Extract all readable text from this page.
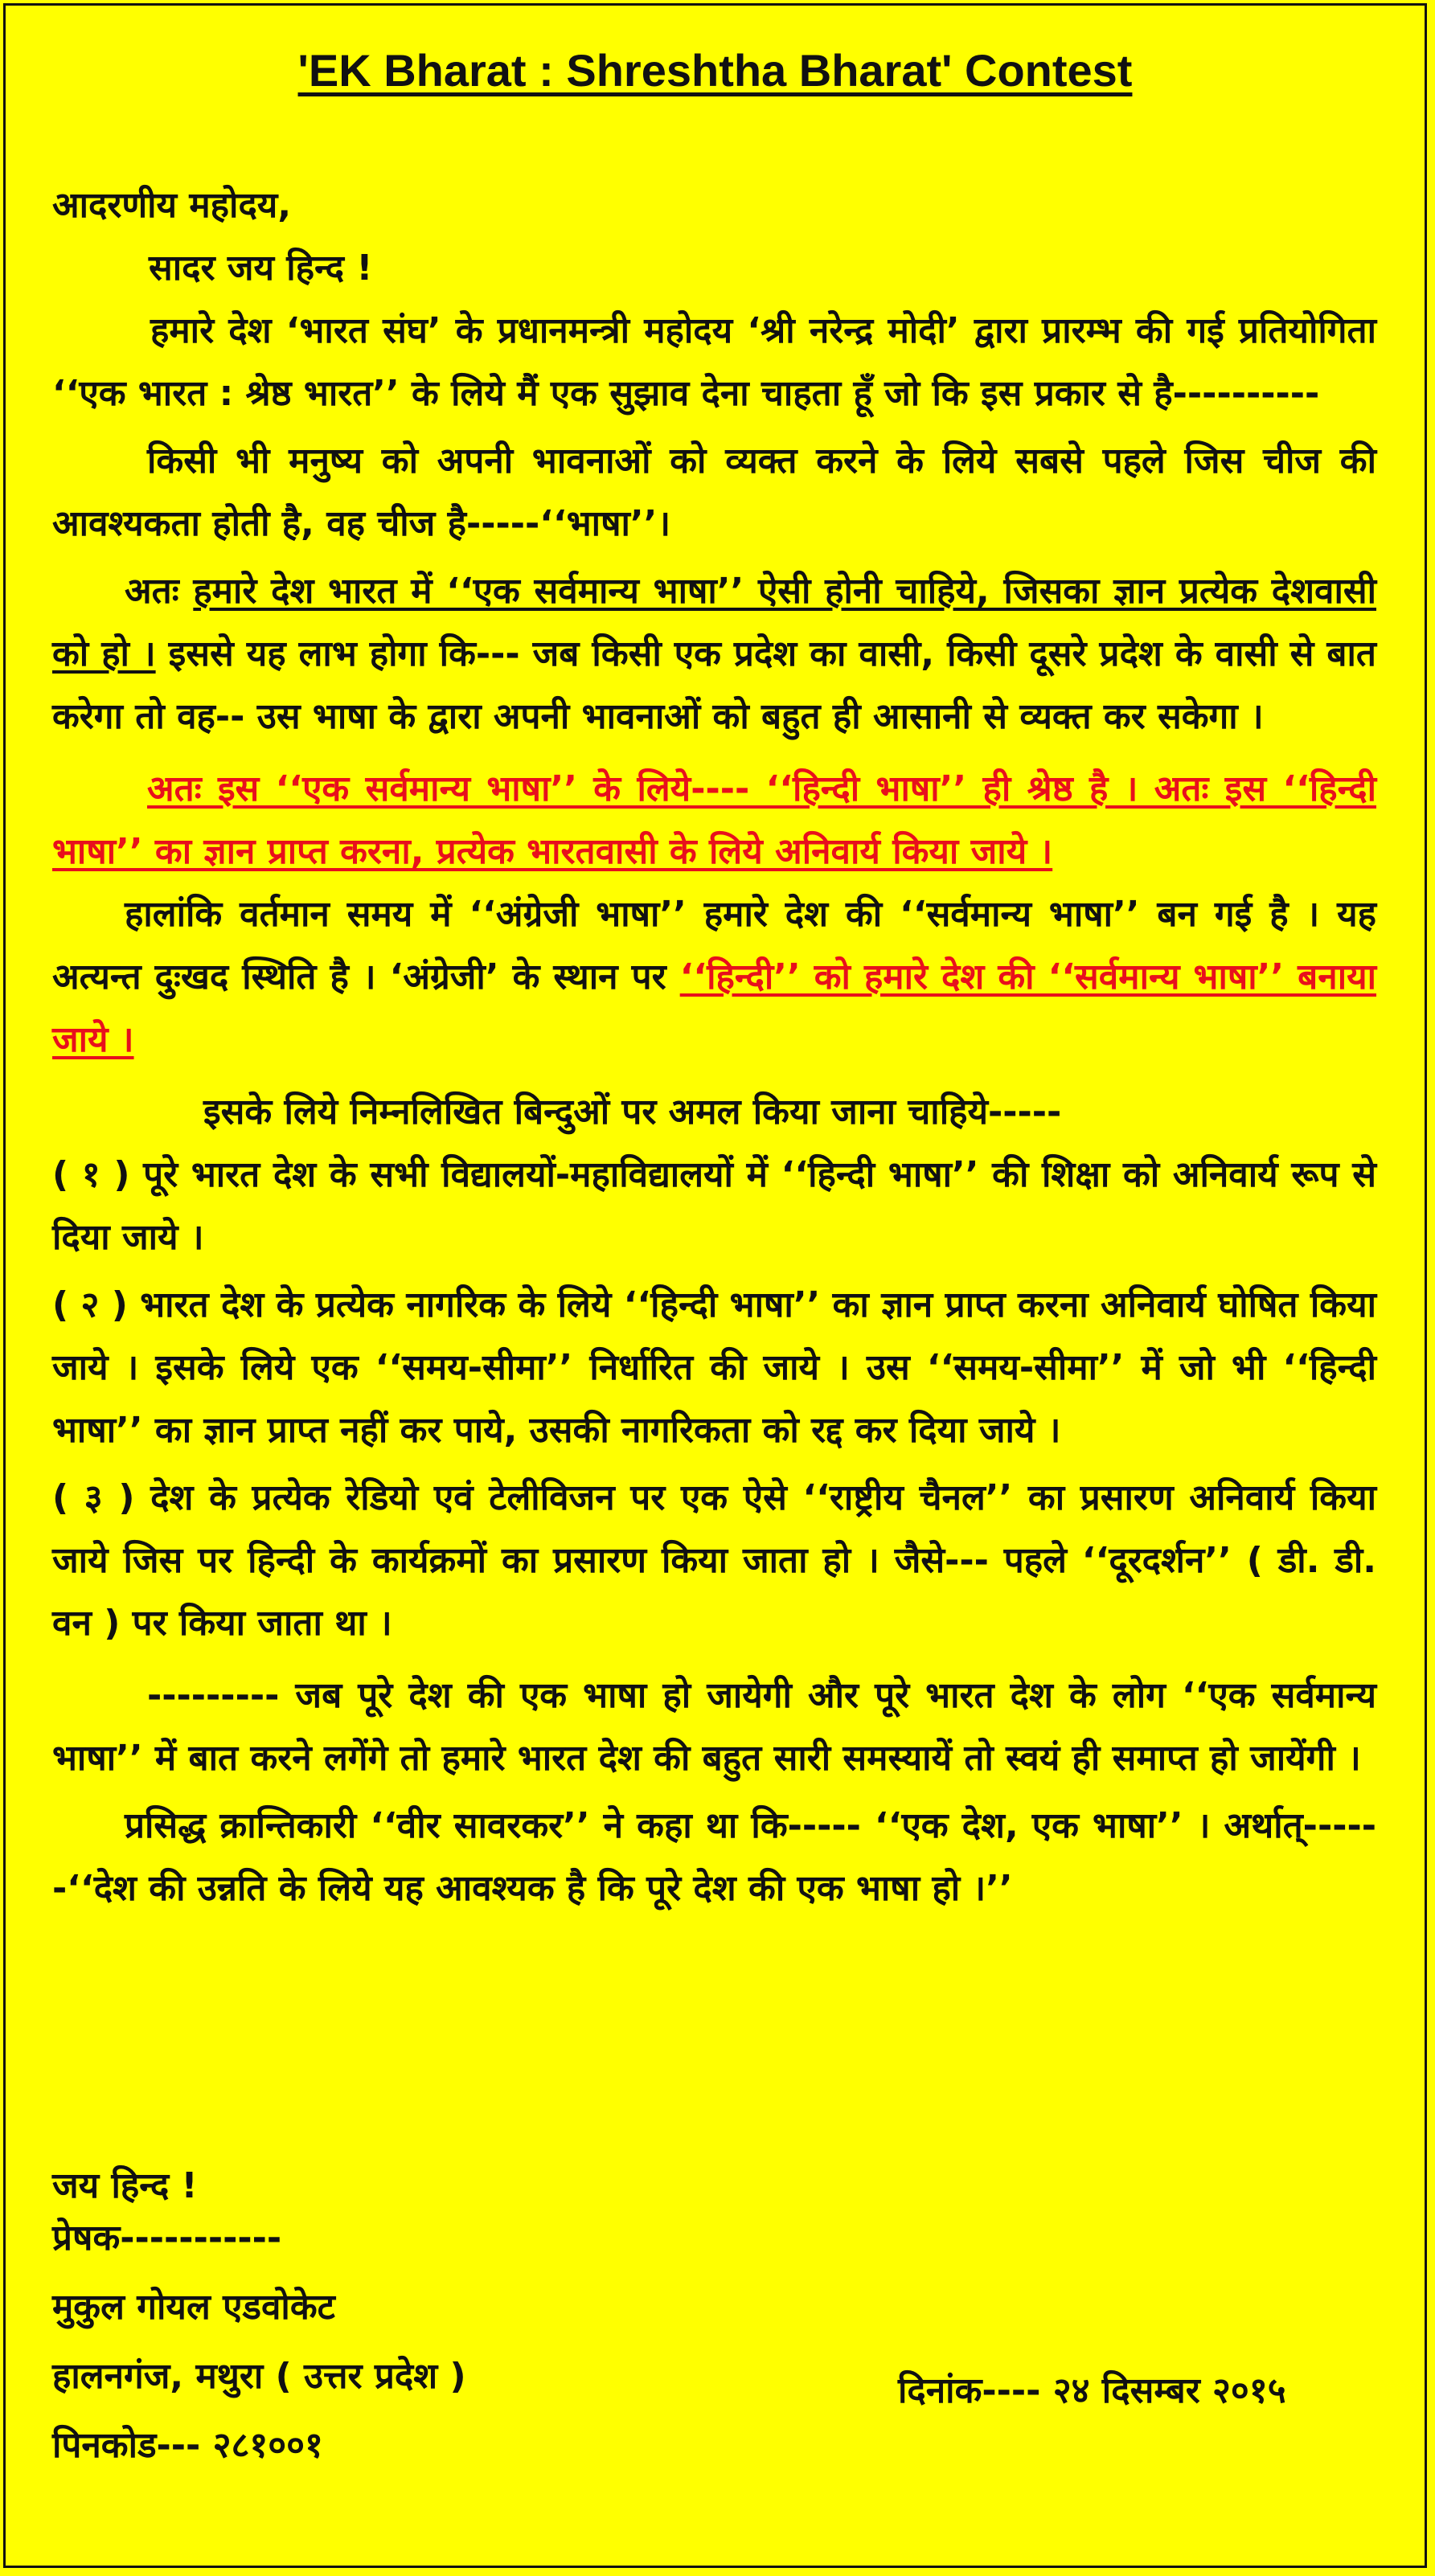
'EK Bharat : Shreshtha Bharat' Contest

आदरणीय महोदय,

सादर जय हिन्द !

हमारे देश ‘भारत संघ’ के प्रधानमन्त्री महोदय ‘श्री नरेन्द्र मोदी’ द्वारा प्रारम्भ की गई प्रतियोगिता ‘‘एक भारत : श्रेष्ठ भारत’’ के लिये मैं एक सुझाव देना चाहता हूँ जो कि इस प्रकार से है----------

किसी भी मनुष्य को अपनी भावनाओं को व्यक्त करने के लिये सबसे पहले जिस चीज की आवश्यकता होती है, वह चीज है-----‘‘भाषा’’।

अतः हमारे देश भारत में ‘‘एक सर्वमान्य भाषा’’ ऐसी होनी चाहिये, जिसका ज्ञान प्रत्येक देशवासी को हो । इससे यह लाभ होगा कि--- जब किसी एक प्रदेश का वासी, किसी दूसरे प्रदेश के वासी से बात करेगा तो वह-- उस भाषा के द्वारा अपनी भावनाओं को बहुत ही आसानी से व्यक्त कर सकेगा ।

अतः इस ‘‘एक सर्वमान्य भाषा’’ के लिये---- ‘‘हिन्दी भाषा’’ ही श्रेष्ठ है । अतः इस ‘‘हिन्दी भाषा’’ का ज्ञान प्राप्त करना, प्रत्येक भारतवासी के लिये अनिवार्य किया जाये ।

हालांकि वर्तमान समय में ‘‘अंग्रेजी भाषा’’ हमारे देश की ‘‘सर्वमान्य भाषा’’ बन गई है । यह अत्यन्त दुःखद स्थिति है । ‘अंग्रेजी’ के स्थान पर ‘‘हिन्दी’’ को हमारे देश की ‘‘सर्वमान्य भाषा’’ बनाया जाये ।

इसके लिये निम्नलिखित बिन्दुओं पर अमल किया जाना चाहिये-----

( १ ) पूरे भारत देश के सभी विद्यालयों-महाविद्यालयों में ‘‘हिन्दी भाषा’’ की शिक्षा को अनिवार्य रूप से दिया जाये ।

( २ ) भारत देश के प्रत्येक नागरिक के लिये ‘‘हिन्दी भाषा’’ का ज्ञान प्राप्त करना अनिवार्य घोषित किया जाये । इसके लिये एक ‘‘समय-सीमा’’ निर्धारित की जाये । उस ‘‘समय-सीमा’’ में जो भी ‘‘हिन्दी भाषा’’ का ज्ञान प्राप्त नहीं कर पाये, उसकी नागरिकता को रद्द कर दिया जाये ।

( ३ ) देश के प्रत्येक रेडियो एवं टेलीविजन पर एक ऐसे ‘‘राष्ट्रीय चैनल’’ का प्रसारण अनिवार्य किया जाये जिस पर हिन्दी के कार्यक्रमों का प्रसारण किया जाता हो । जैसे--- पहले ‘‘दूरदर्शन’’ ( डी. डी. वन ) पर किया जाता था ।

--------- जब पूरे देश की एक भाषा हो जायेगी और पूरे भारत देश के लोग ‘‘एक सर्वमान्य भाषा’’ में बात करने लगेंगे तो हमारे भारत देश की बहुत सारी समस्यायें तो स्वयं ही समाप्त हो जायेंगी ।

प्रसिद्ध क्रान्तिकारी ‘‘वीर सावरकर’’ ने कहा था कि----- ‘‘एक देश, एक भाषा’’ । अर्थात्------‘‘देश की उन्नति के लिये यह आवश्यक है कि पूरे देश की एक भाषा हो ।’’

जय हिन्द !
प्रेषक-----------
मुकुल गोयल एडवोकेट
हालनगंज, मथुरा ( उत्तर प्रदेश )
पिनकोड--- २८१००१
दिनांक---- २४ दिसम्बर २०१५
